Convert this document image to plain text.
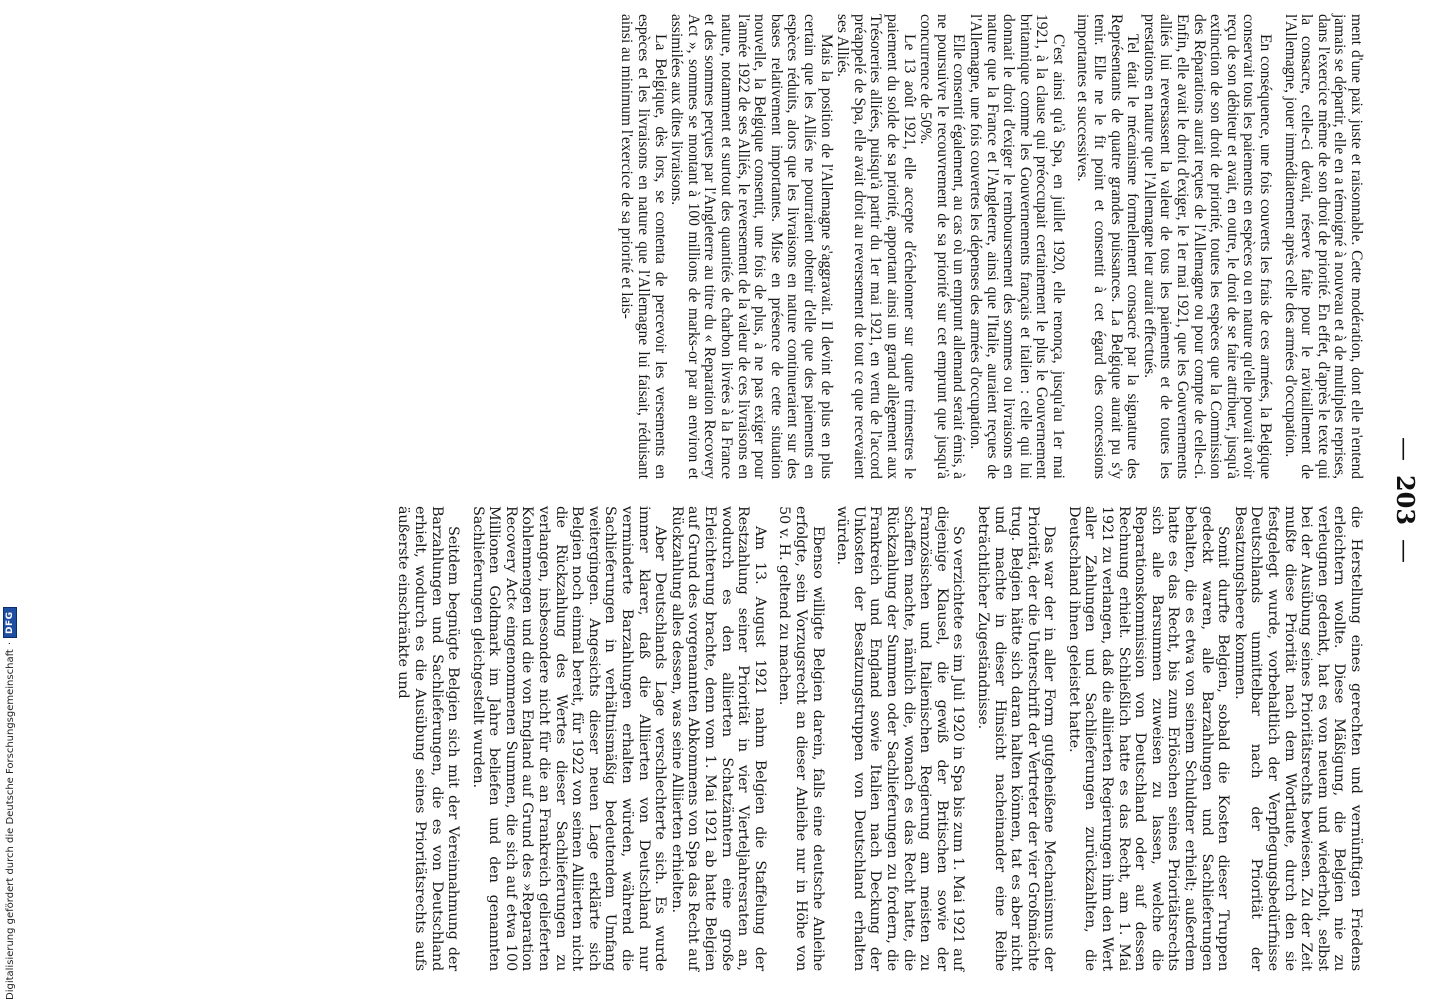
—203—

ment d'une paix juste et raisonnable. Cette modération, dont elle n'entend jamais se départir, elle en a témoigné à nouveau et à de multiples reprises, dans l'exercice même de son droit de priorité. En effet, d'après le texte qui la consacre, celle-ci devait, réserve faite pour le ravitaillement de l'Allemagne, jouer immédiatement après celle des armées d'occupation.

En conséquence, une fois couverts les frais de ces armées, la Belgique conservait tous les paiements en espèces ou en nature qu'elle pouvait avoir reçu de son débiteur et avait, en outre, le droit de se faire attribuer, jusqu'à extinction de son droit de priorité, toutes les espèces que la Commission des Réparations aurait reçues de l'Allemagne ou pour compte de celle-ci. Enfin, elle avait le droit d'exiger, le 1er mai 1921, que les Gouvernements alliés lui reversassent la valeur de tous les paiements et de toutes les prestations en nature que l'Allemagne leur aurait effectués.

Tel était le mécanisme formellement consacré par la signature des Représentants de quatre grandes puissances. La Belgique aurait pu s'y tenir. Elle ne le fit point et consentit à cet égard des concessions importantes et successives.

C'est ainsi qu'à Spa, en juillet 1920, elle renonça, jusqu'au 1er mai 1921, à la clause qui préoccupait certainement le plus le Gouvernement britannique comme les Gouvernements français et italien : celle qui lui donnait le droit d'exiger le remboursement des sommes ou livraisons en nature que la France et l'Angleterre, ainsi que l'Italie, auraient reçues de l'Allemagne, une fois couvertes les dépenses des armées d'occupation.

Elle consentit également, au cas où un emprunt allemand serait émis, à ne poursuivre le recouvrement de sa priorité sur cet emprunt que jusqu'à concurrence de 50%.

Le 13 août 1921, elle accepte d'échelonner sur quatre trimestres le paiement du solde de sa priorité, apportant ainsi un grand allègement aux Trésoreries alliées, puisqu'à partir du 1er mai 1921, en vertu de l'accord préappelé de Spa, elle avait droit au reversement de tout ce que recevaient ses Alliés.

Mais la position de l'Allemagne s'aggravait. Il devint de plus en plus certain que les Alliés ne pourraient obtenir d'elle que des paiements en espèces réduits, alors que les livraisons en nature continueraient sur des bases relativement importantes. Mise en présence de cette situation nouvelle, la Belgique consentit, une fois de plus, à ne pas exiger pour l'année 1922 de ses Alliés, le reversement de la valeur de ces livraisons en nature, notamment et surtout des quantités de charbon livrées à la France et des sommes perçues par l'Angleterre au titre du « Reparation Recovery Act », sommes se montant à 100 millions de marks-or par an environ et assimilées aux dites livraisons.

La Belgique, dès lors, se contenta de percevoir les versements en espèces et les livraisons en nature que l'Allemagne lui faisait, réduisant ainsi au minimum l'exercice de sa priorité et lais-

die Herstellung eines gerechten und vernünftigen Friedens erleichtern wollte. Diese Mäßigung, die Belgien nie zu verleugnen gedenkt, hat es von neuem und wiederholt, selbst bei der Ausübung seines Prioritätsrechts bewiesen. Zu der Zeit mußte diese Priorität nach dem Wortlaute, durch den sie festgelegt wurde, vorbehaltlich der Verpflegungsbedürfnisse Deutschlands unmittelbar nach der Priorität der Besatzungsheere kommen.

Somit durfte Belgien, sobald die Kosten dieser Truppen gedeckt waren, alle Barzahlungen und Sachlieferungen behalten, die es etwa von seinem Schuldner erhielt; außerdem hatte es das Recht, bis zum Erlöschen seines Prioritätsrechts sich alle Barsummen zuweisen zu lassen, welche die Reparationskommission von Deutschland oder auf dessen Rechnung erhielt. Schließlich hatte es das Recht, am 1. Mai 1921 zu verlangen, daß die alliierten Regierungen ihm den Wert aller Zahlungen und Sachlieferungen zurückzahlten, die Deutschland ihnen geleistet hatte.

Das war der in aller Form gutgeheißene Mechanismus der Priorität, der die Unterschrift der Vertreter der vier Großmächte trug. Belgien hätte sich daran halten können, tat es aber nicht und machte in dieser Hinsicht nacheinander eine Reihe beträchtlicher Zugeständnisse.

So verzichtete es im Juli 1920 in Spa bis zum 1. Mai 1921 auf diejenige Klausel, die gewiß der Britischen sowie der Französischen und Italienischen Regierung am meisten zu schaffen machte, nämlich die, wonach es das Recht hatte, die Rückzahlung der Summen oder Sachlieferungen zu fordern, die Frankreich und England sowie Italien nach Deckung der Unkosten der Besatzungstruppen von Deutschland erhalten würden.

Ebenso willigte Belgien darein, falls eine deutsche Anleihe erfolgte, sein Vorzugsrecht an dieser Anleihe nur in Höhe von 50 v. H. geltend zu machen.

Am 13. August 1921 nahm Belgien die Staffelung der Restzahlung seiner Priorität in vier Vierteljahresraten an, wodurch es den alliierten Schatzämtern eine große Erleichterung brachte, denn vom 1. Mai 1921 ab hatte Belgien auf Grund des vorgenannten Abkommens von Spa das Recht auf Rückzahlung alles dessen, was seine Alliierten erhielten.

Aber Deutschlands Lage verschlechterte sich. Es wurde immer klarer, daß die Alliierten von Deutschland nur verminderte Barzahlungen erhalten würden, während die Sachlieferungen in verhältnismäßig bedeutendem Umfang weitergingen. Angesichts dieser neuen Lage erklärte sich Belgien noch einmal bereit, für 1922 von seinen Alliierten nicht die Rückzahlung des Wertes dieser Sachlieferungen zu verlangen, insbesondere nicht für die an Frankreich gelieferten Kohlenmengen und die von England auf Grund des »Reparation Recovery Act« eingenommenen Summen, die sich auf etwa 100 Millionen Goldmark im Jahre beliefen und den genannten Sachlieferungen gleichgestellt wurden.

Seitdem begnügte Belgien sich mit der Vereinnahmung der Barzahlungen und Sachlieferungen, die es von Deutschland erhielt, wodurch es die Ausübung seines Prioritätsrechts aufs äußerste einschränkte und

Digitalisierung gefördert durch die Deutsche Forschungsgemeinschaft
·
DFG
